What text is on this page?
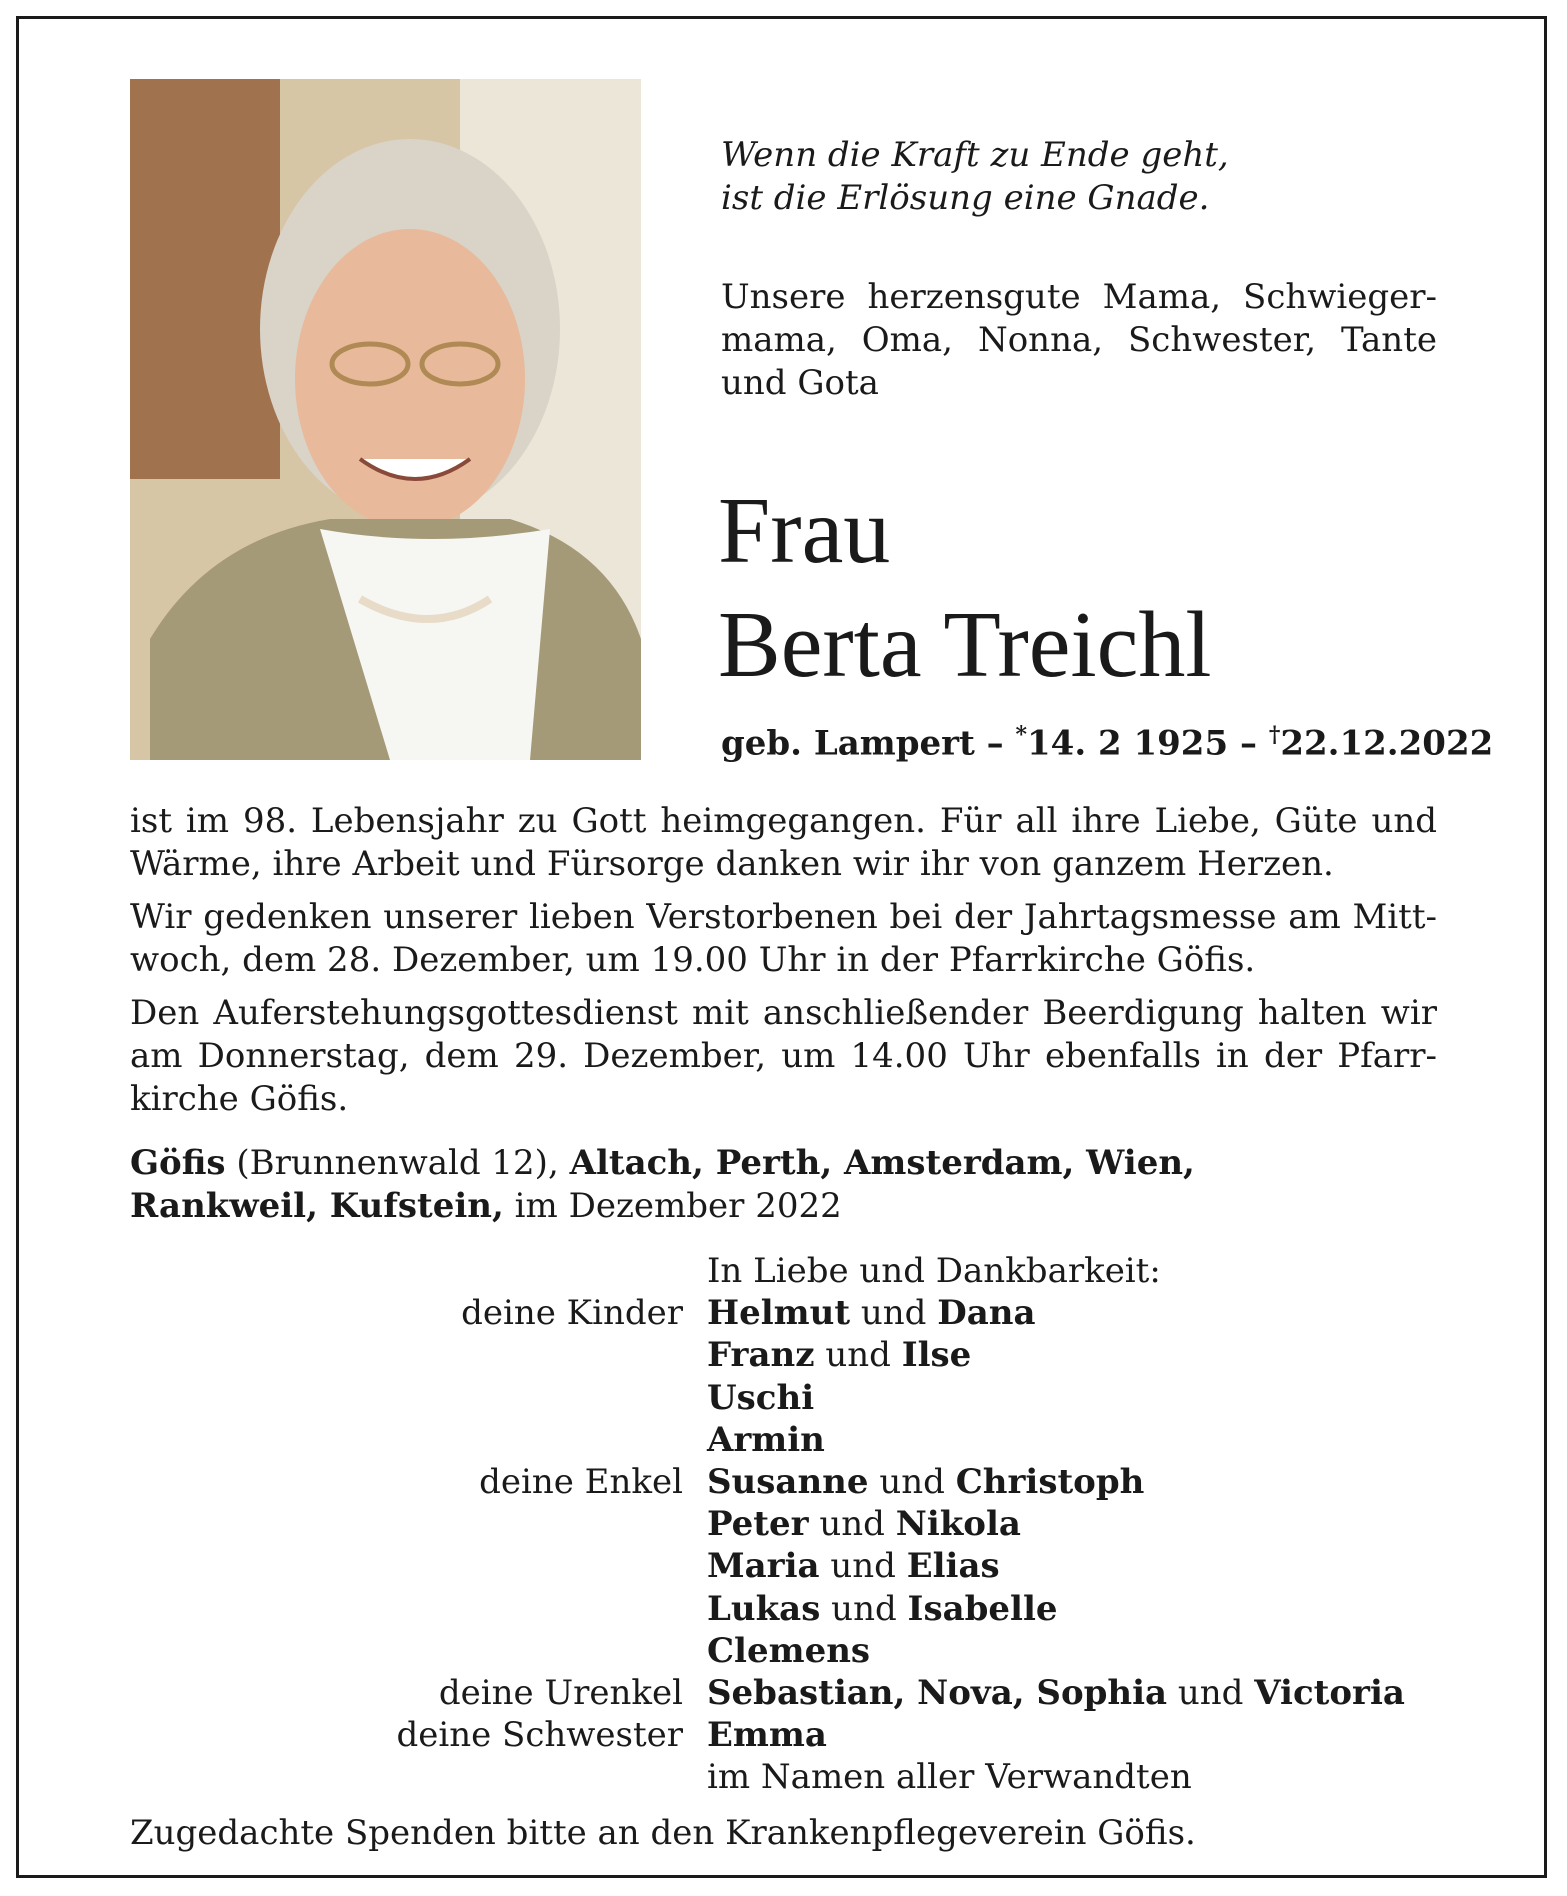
Wenn die Kraft zu Ende geht,
ist die Erlösung eine Gnade.
Unsere herzensgute Mama, Schwieger-
mama, Oma, Nonna, Schwester, Tante
und Gota
Frau
Berta Treichl
geb. Lampert – *14. 2 1925 – †22.12.2022

ist im 98. Lebensjahr zu Gott heimgegangen. Für all ihre Liebe, Güte und
Wärme, ihre Arbeit und Fürsorge danken wir ihr von ganzem Herzen.

Wir gedenken unserer lieben Verstorbenen bei der Jahrtagsmesse am Mitt-
woch, dem 28. Dezember, um 19.00 Uhr in der Pfarrkirche Göfis.

Den Auferstehungsgottesdienst mit anschließender Beerdigung halten wir
am Donnerstag, dem 29. Dezember, um 14.00 Uhr ebenfalls in der Pfarr-
kirche Göfis.

Göfis (Brunnenwald 12), Altach, Perth, Amsterdam, Wien,
Rankweil, Kufstein, im Dezember 2022
In Liebe und Dankbarkeit:
deine Kinder Helmut und Dana
Franz und Ilse
Uschi
Armin
deine Enkel Susanne und Christoph
Peter und Nikola
Maria und Elias
Lukas und Isabelle
Clemens
deine Urenkel Sebastian, Nova, Sophia und Victoria
deine Schwester Emma
im Namen aller Verwandten
Zugedachte Spenden bitte an den Krankenpflegeverein Göfis.
